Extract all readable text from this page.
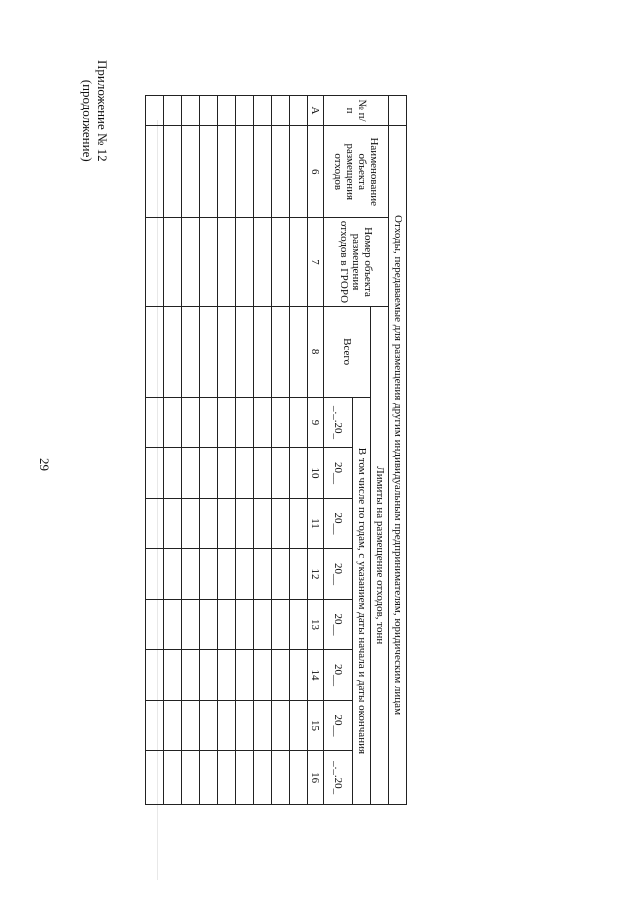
29
Приложение № 12
(продолжение)
	Отходы, передаваемые для размещения другим индивидуальным предпринимателям, юридическим лицам										
№ п/п	Наименование объекта размещения отходов	Номер объекта размещения отходов в ГРОРО	Лимиты на размещение отходов, тонн								
			Всего	В том числе по годам, с указанием даты начала и даты окончания							
				_._.20_	20__	20__	20__	20__	20__	20__	_._.20_
А	6	7	8	9	10	11	12	13	14	15	16
